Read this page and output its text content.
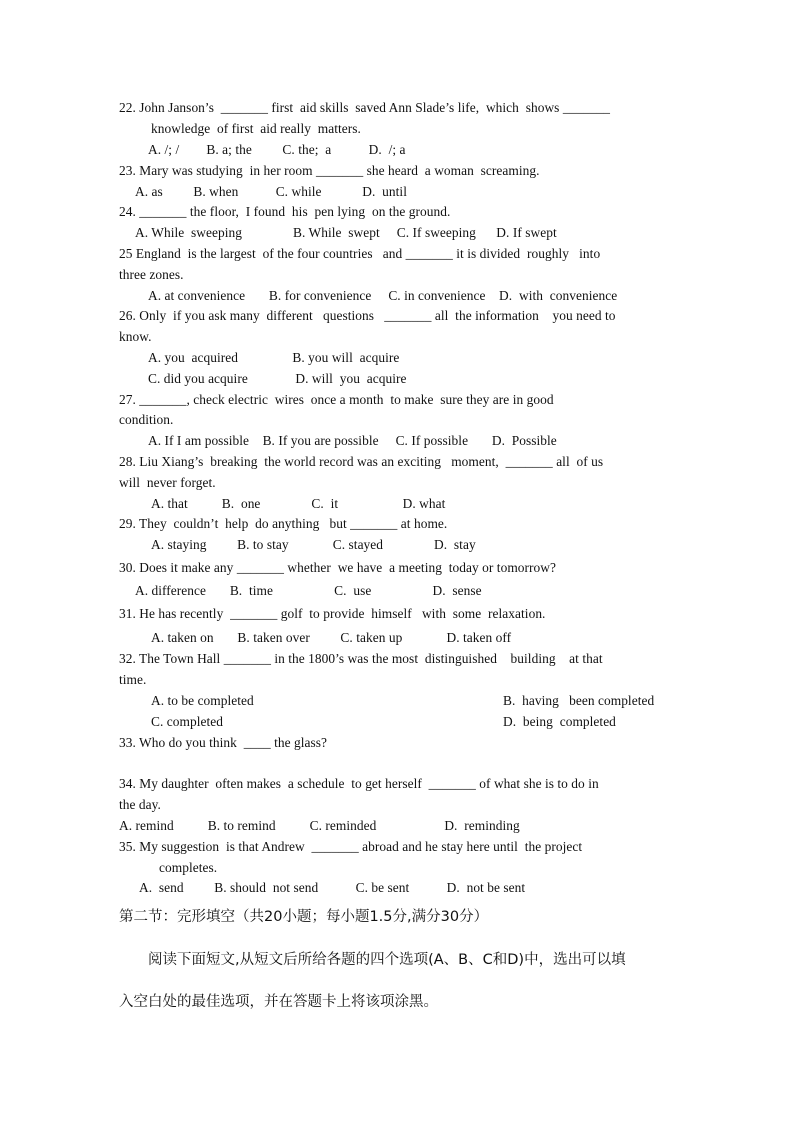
22. John Janson’s  _______ first  aid skills  saved Ann Slade’s life,  which  shows _______
knowledge  of first  aid really  matters.
A. /; /        B. a; the         C. the;  a           D.  /; a
23. Mary was studying  in her room _______ she heard  a woman  screaming.
A. as         B. when           C. while            D.  until
24. _______ the floor,  I found  his  pen lying  on the ground.
A. While  sweeping               B. While  swept     C. If sweeping      D. If swept
25 England  is the largest  of the four countries   and _______ it is divided  roughly   into
three zones.
A. at convenience       B. for convenience     C. in convenience    D.  with  convenience
26. Only  if you ask many  different   questions   _______ all  the information    you need to
know.
A. you  acquired                B. you will  acquire
C. did you acquire              D. will  you  acquire
27. _______, check electric  wires  once a month  to make  sure they are in good
condition.
A. If I am possible    B. If you are possible     C. If possible       D.  Possible
28. Liu Xiang’s  breaking  the world record was an exciting   moment,  _______ all  of us
will  never forget.
A. that          B.  one               C.  it                   D. what
29. They  couldn’t  help  do anything   but _______ at home.
A. staying         B. to stay             C. stayed               D.  stay
30. Does it make any _______ whether  we have  a meeting  today or tomorrow?
A. difference       B.  time                  C.  use                  D.  sense
31. He has recently  _______ golf  to provide  himself   with  some  relaxation.
A. taken on       B. taken over         C. taken up             D. taken off
32. The Town Hall _______ in the 1800’s was the most  distinguished    building    at that
time.
A. to be completed	B.  having   been completed
C. completed	D.  being  completed
33. Who do you think  ____ the glass?
34. My daughter  often makes  a schedule  to get herself  _______ of what she is to do in
the day.
A. remind          B. to remind          C. reminded                    D.  reminding
35. My suggestion  is that Andrew  _______ abroad and he stay here until  the project
completes.
A.  send         B. should  not send           C. be sent           D.  not be sent
第二节：完形填空（共20小题；每小题1.5分,满分30分）
阅读下面短文,从短文后所给各题的四个选项(A、B、C和D)中，选出可以填
入空白处的最佳选项，并在答题卡上将该项涂黑。
